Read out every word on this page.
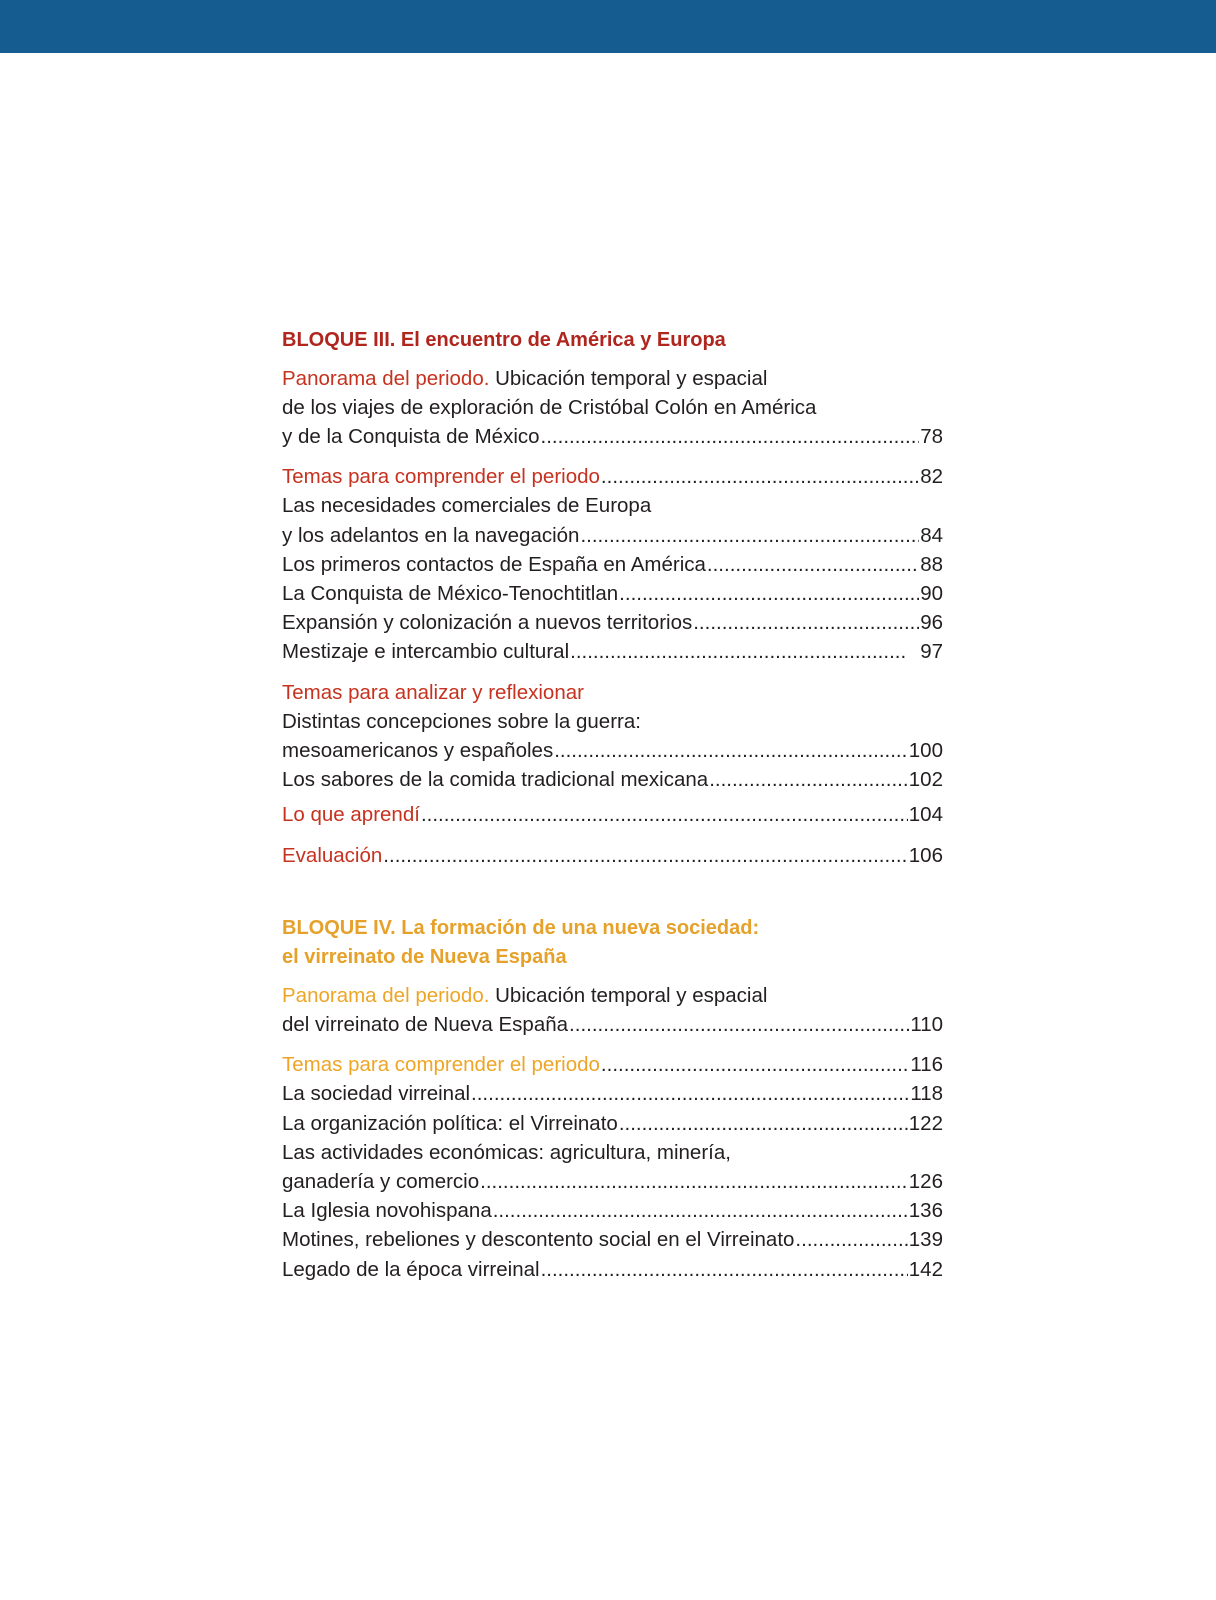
BLOQUE III. El encuentro de América y Europa

Panorama del periodo. Ubicación temporal y espacial
de los viajes de exploración de Cristóbal Colón en América
y de la Conquista de México .....	78
Temas para comprender el periodo .....	82
Las necesidades comerciales de Europa
y los adelantos en la navegación .....	84
Los primeros contactos de España en América .....	88
La Conquista de México-Tenochtitlan .....	90
Expansión y colonización a nuevos territorios .....	96
Mestizaje e intercambio cultural .....	97
Temas para analizar y reflexionar
Distintas concepciones sobre la guerra:
mesoamericanos y españoles .....	100
Los sabores de la comida tradicional mexicana .....	102
Lo que aprendí .....	104
Evaluación .....	106

BLOQUE IV. La formación de una nueva sociedad:
el virreinato de Nueva España

Panorama del periodo. Ubicación temporal y espacial
del virreinato de Nueva España .....	110
Temas para comprender el periodo .....	116
La sociedad virreinal .....	118
La organización política: el Virreinato .....	122
Las actividades económicas: agricultura, minería,
ganadería y comercio .....	126
La Iglesia novohispana .....	136
Motines, rebeliones y descontento social en el Virreinato .....	139
Legado de la época virreinal .....	142
